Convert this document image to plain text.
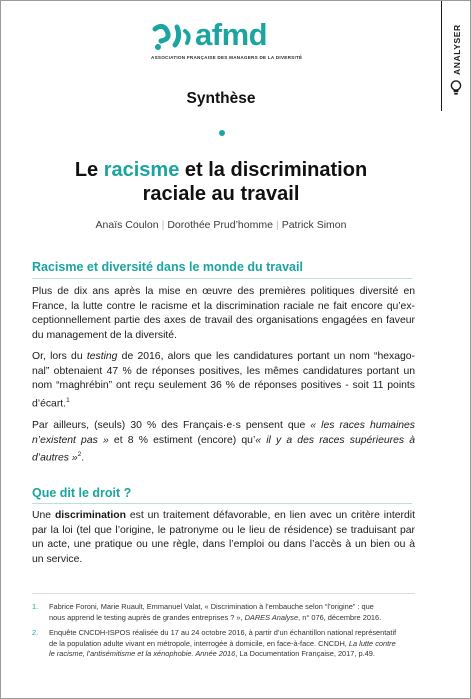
ANALYSER
afmd
ASSOCIATION FRANÇAISE DES MANAGERS DE LA DIVERSITÉ
Synthèse
Le racisme et la discrimination
raciale au travail
Anaïs Coulon | Dorothée Prud’homme | Patrick Simon
Racisme et diversité dans le monde du travail
Plus de dix ans après la mise en œuvre des premières politiques diversité en
France, la lutte contre le racisme et la discrimination raciale ne fait encore qu’ex-
ceptionnellement partie des axes de travail des organisations engagées en faveur
du management de la diversité.
Or, lors du testing de 2016, alors que les candidatures portant un nom “hexago-
nal” obtenaient 47 % de réponses positives, les mêmes candidatures portant un
nom “maghrébin” ont reçu seulement 36 % de réponses positives - soit 11 points
d’écart.$^1$
Par ailleurs, (seuls) 30 % des Français·e·s pensent que « les races humaines
n’existent pas » et 8 % estiment (encore) qu’« il y a des races supérieures à
d’autres »$^2$.
Que dit le droit ?
Une discrimination est un traitement défavorable, en lien avec un critère interdit
par la loi (tel que l’origine, le patronyme ou le lieu de résidence) se traduisant par
un acte, une pratique ou une règle, dans l’emploi ou dans l’accès à un bien ou à
un service.
1.	Fabrice Foroni, Marie Ruault, Emmanuel Valat, « Discrimination à l’embauche selon “l’origine” : que
nous apprend le testing auprès de grandes entreprises ? », DARES Analyse, n° 076, décembre 2016.
2.	Enquête CNCDH-ISPOS réalisée du 17 au 24 octobre 2016, à partir d’un échantillon national représentatif
de la population adulte vivant en métropole, interrogée à domicile, en face-à-face. CNCDH, La lutte contre
le racisme, l’antisémitisme et la xénophobie. Année 2016, La Documentation Française, 2017, p.49.
